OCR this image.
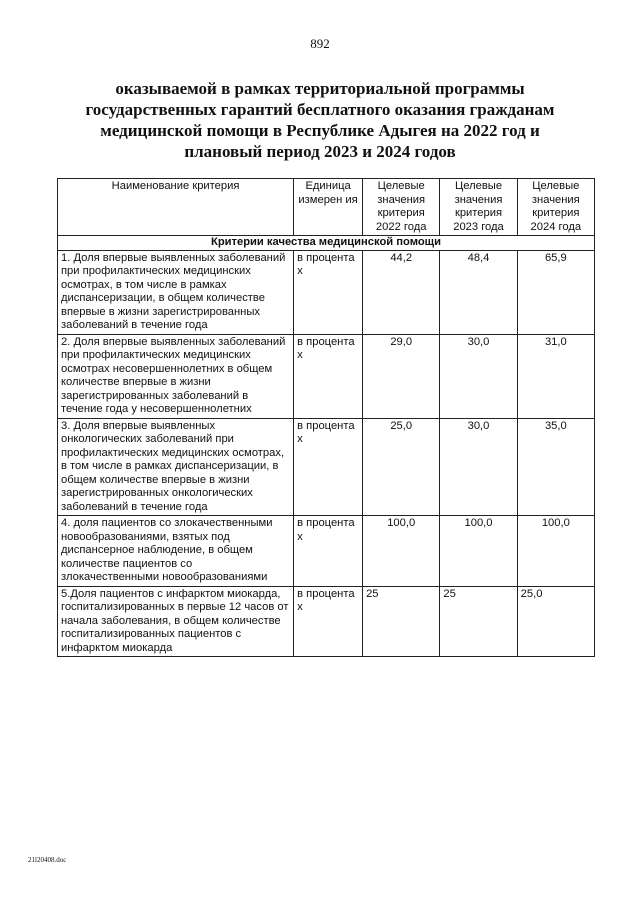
892
оказываемой в рамках территориальной программы
государственных гарантий бесплатного оказания гражданам
медицинской помощи в Республике Адыгея на 2022 год и
плановый период 2023 и 2024 годов
Наименование критерия	Единица измерен ия	Целевые значения критерия 2022 года	Целевые значения критерия 2023 года	Целевые значения критерия 2024 года
Критерии качества медицинской помощи				
1. Доля впервые выявленных заболеваний при профилактических медицинских осмотрах, в том числе в рамках диспансеризации, в общем количестве впервые в жизни зарегистрированных заболеваний в течение года	в процента х	44,2	48,4	65,9
2. Доля впервые выявленных заболеваний при профилактических медицинских осмотрах несовершеннолетних в общем количестве впервые в жизни зарегистрированных заболеваний в течение года у несовершеннолетних	в процента х	29,0	30,0	31,0
3. Доля впервые выявленных онкологических заболеваний при профилактических медицинских осмотрах, в том числе в рамках диспансеризации, в общем количестве впервые в жизни зарегистрированных онкологических заболеваний в течение года	в процента х	25,0	30,0	35,0
4. доля пациентов со злокачественными новообразованиями, взятых под диспансерное наблюдение, в общем количестве пациентов со злокачественными новообразованиями	в процента х	100,0	100,0	100,0
5.Доля пациентов с инфарктом миокарда, госпитализированных в первые 12 часов от начала заболевания, в общем количестве госпитализированных пациентов с инфарктом миокарда	в процента х	25	25	25,0
21l20408.doc
